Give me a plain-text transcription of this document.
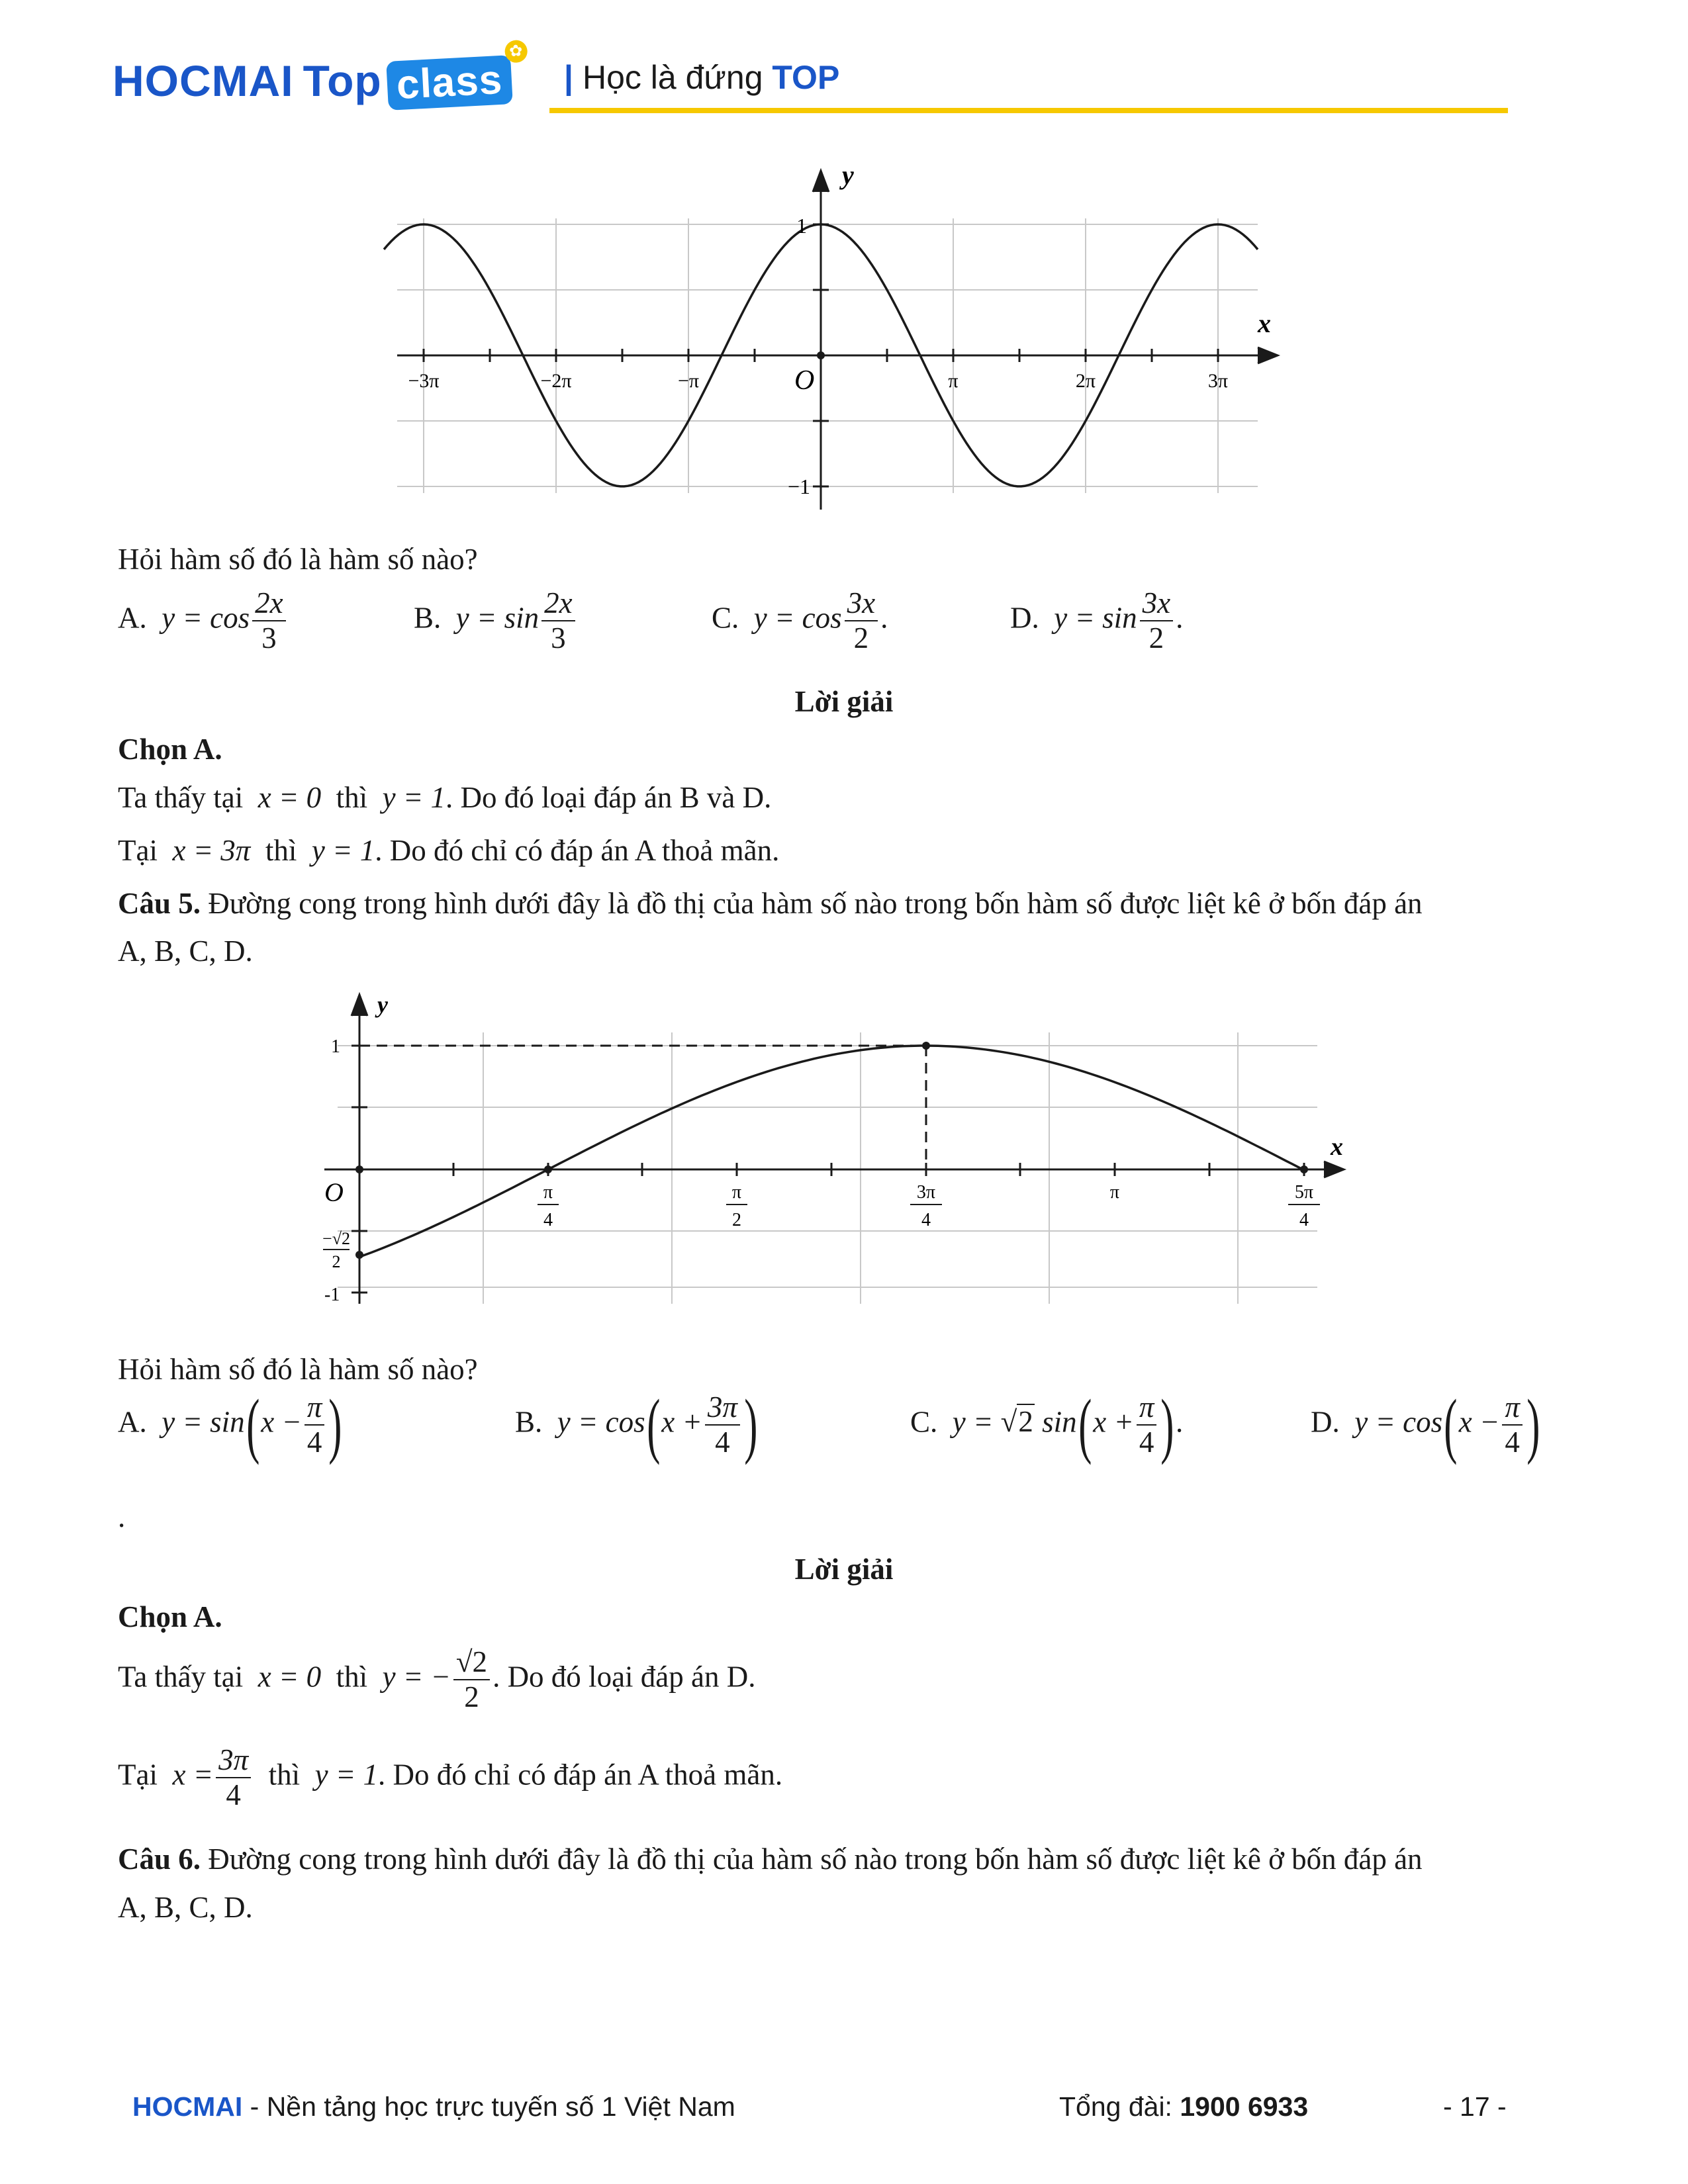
HOCMAI Top class
✿
| Học là đứng TOP
y
x
O
1
−1
−3π	−2π	−π	π	2π	3π
Hỏi hàm số đó là hàm số nào?
A. $y = \cos \frac{2x}{3}$	B. $y = \sin \frac{2x}{3}$	C. $y = \cos \frac{3x}{2}$ .	D. $y = \sin \frac{3x}{2}$ .
Lời giải
Chọn A.
Ta thấy tại x = 0 thì y = 1. Do đó loại đáp án B và D.
Tại x = 3π thì y = 1. Do đó chỉ có đáp án A thoả mãn.
Câu 5. Đường cong trong hình dưới đây là đồ thị của hàm số nào trong bốn hàm số được liệt kê ở bốn đáp án
A, B, C, D.
y
x
O
1
-1
−√2
2
π
4
π
2
3π
4
π	5π
4
Hỏi hàm số đó là hàm số nào?
A. $y = \sin(x - \frac{\pi}{4}$ )	B. $y = \cos(x + \frac{3\pi}{4}$ )	C. y = √2 $\sin(x + \frac{\pi}{4}$ ).	D. $y = \cos(x - \frac{\pi}{4}$ )
.
Lời giải
Chọn A.
Ta thấy tại x = 0 thì y = − $\frac{√2}{2}$ . Do đó loại đáp án D.
Tại $x = \frac{3\pi}{4}$ thì y = 1. Do đó chỉ có đáp án A thoả mãn.
Câu 6. Đường cong trong hình dưới đây là đồ thị của hàm số nào trong bốn hàm số được liệt kê ở bốn đáp án
A, B, C, D.
HOCMAI - Nền tảng học trực tuyến số 1 Việt Nam	Tổng đài: 1900 6933	- 17 -
